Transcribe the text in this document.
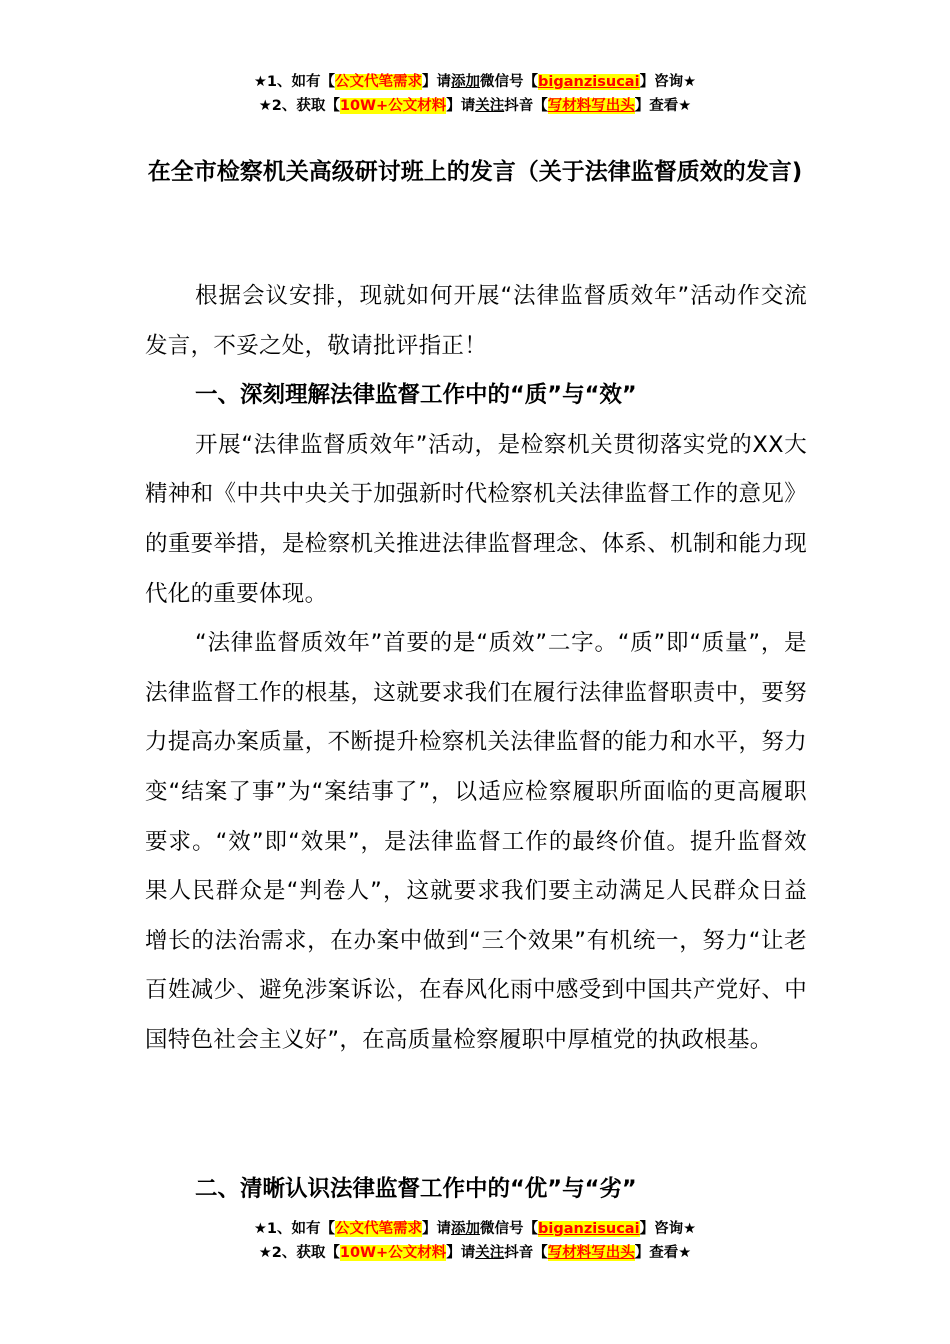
★1、如有【公文代笔需求】请添加微信号【biganzisucai】咨询★
★2、获取【10W+公文材料】请关注抖音【写材料写出头】查看★
在全市检察机关高级研讨班上的发言（关于法律监督质效的发言)

根据会议安排，现就如何开展“法律监督质效年”活动作交流发言，不妥之处，敬请批评指正！

一、深刻理解法律监督工作中的“质”与“效”

开展“法律监督质效年”活动，是检察机关贯彻落实党的XX大精神和《中共中央关于加强新时代检察机关法律监督工作的意见》的重要举措，是检察机关推进法律监督理念、体系、机制和能力现代化的重要体现。

“法律监督质效年”首要的是“质效”二字。“质”即“质量”，是法律监督工作的根基，这就要求我们在履行法律监督职责中，要努力提高办案质量，不断提升检察机关法律监督的能力和水平，努力变“结案了事”为“案结事了”，以适应检察履职所面临的更高履职要求。“效”即“效果”，是法律监督工作的最终价值。提升监督效果人民群众是“判卷人”，这就要求我们要主动满足人民群众日益增长的法治需求，在办案中做到“三个效果”有机统一，努力“让老百姓减少、避免涉案诉讼，在春风化雨中感受到中国共产党好、中国特色社会主义好”，在高质量检察履职中厚植党的执政根基。

二、清晰认识法律监督工作中的“优”与“劣”

★1、如有【公文代笔需求】请添加微信号【biganzisucai】咨询★
★2、获取【10W+公文材料】请关注抖音【写材料写出头】查看★
